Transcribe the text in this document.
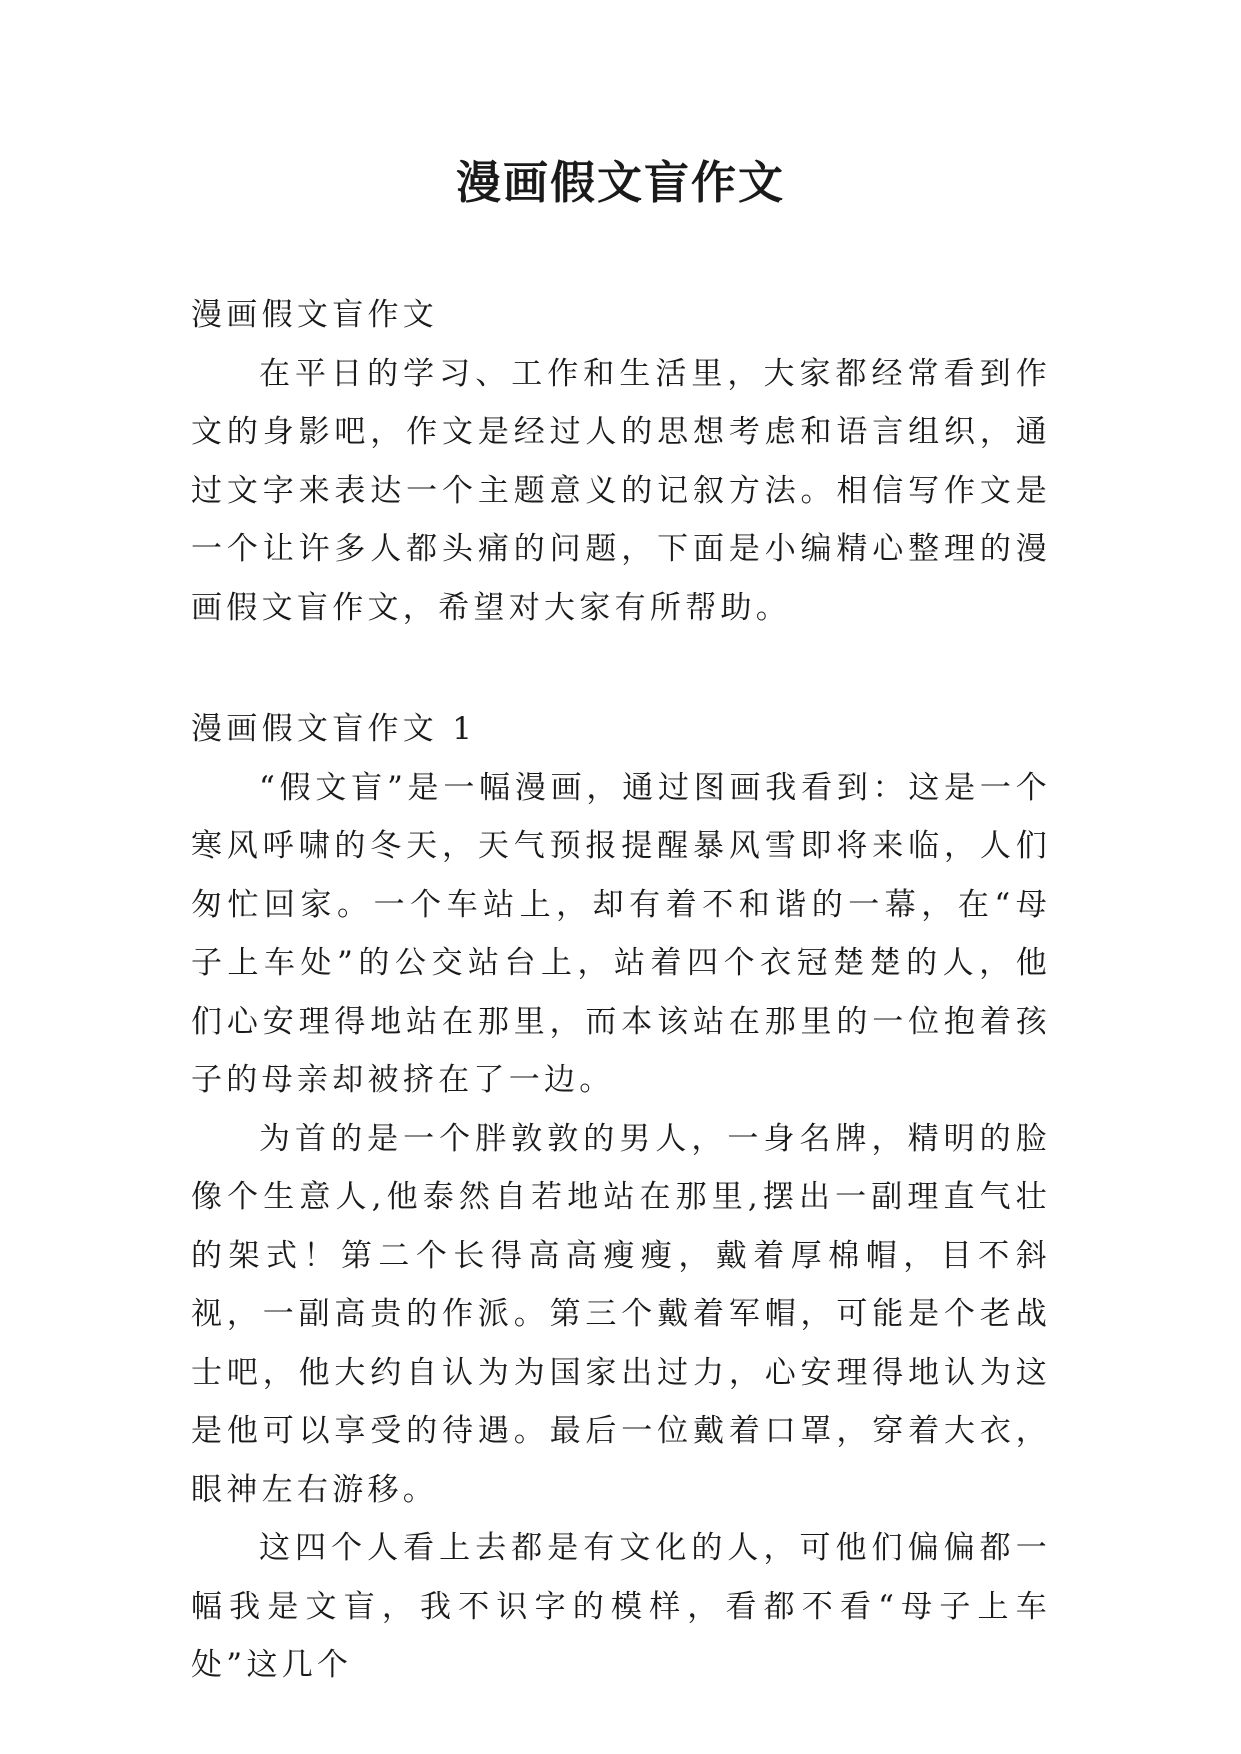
漫画假文盲作文

漫画假文盲作文

在平日的学习、工作和生活里，大家都经常看到作文的身影吧，作文是经过人的思想考虑和语言组织，通过文字来表达一个主题意义的记叙方法。相信写作文是一个让许多人都头痛的问题，下面是小编精心整理的漫画假文盲作文，希望对大家有所帮助。

漫画假文盲作文 1

“假文盲”是一幅漫画，通过图画我看到：这是一个寒风呼啸的冬天，天气预报提醒暴风雪即将来临，人们匆忙回家。一个车站上，却有着不和谐的一幕，在“母子上车处”的公交站台上，站着四个衣冠楚楚的人，他们心安理得地站在那里，而本该站在那里的一位抱着孩子的母亲却被挤在了一边。

为首的是一个胖敦敦的男人，一身名牌，精明的脸像个生意人,他泰然自若地站在那里,摆出一副理直气壮的架式！第二个长得高高瘦瘦，戴着厚棉帽，目不斜视，一副高贵的作派。第三个戴着军帽，可能是个老战士吧，他大约自认为为国家出过力，心安理得地认为这是他可以享受的待遇。最后一位戴着口罩，穿着大衣，眼神左右游移。

这四个人看上去都是有文化的人，可他们偏偏都一幅我是文盲，我不识字的模样，看都不看“母子上车处”这几个
